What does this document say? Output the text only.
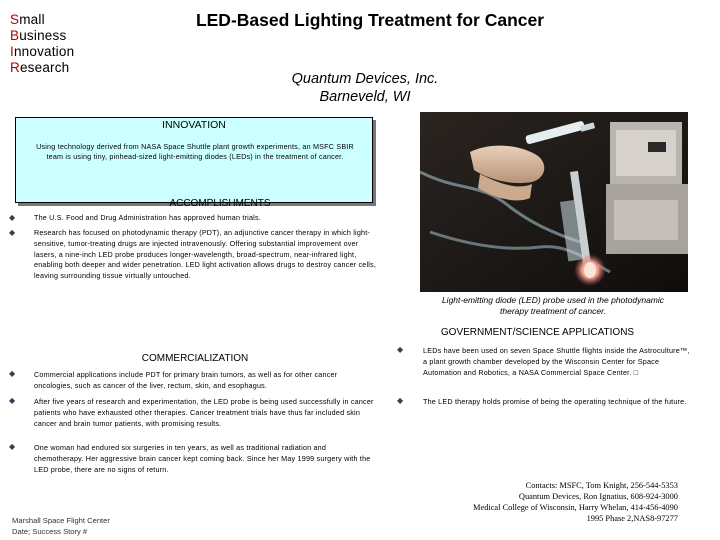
Small
Business
Innovation
Research
LED-Based Lighting Treatment for Cancer
Quantum Devices, Inc.
Barneveld, WI
INNOVATION
Using technology derived from NASA Space Shuttle plant growth experiments, an MSFC SBIR team is using tiny, pinhead-sized light-emitting diodes (LEDs) in the treatment of cancer.
Light-emitting diode (LED) probe used in the photodynamic therapy treatment of cancer.
ACCOMPLISHMENTS
◆	The U.S. Food and Drug Administration has approved human trials.
◆	Research has focused on photodynamic therapy (PDT), an adjunctive cancer therapy in which light-sensitive, tumor-treating drugs are injected intravenously. Offering substantial improvement over lasers, a nine-inch LED probe produces longer-wavelength, broad-spectrum, near-infrared light, enabling both deeper and wider penetration. LED light activation allows drugs to destroy cancer cells, leaving surrounding tissue virtually untouched.
GOVERNMENT/SCIENCE APPLICATIONS
◆	LEDs have been used on seven Space Shuttle flights inside the Astroculture™, a plant growth chamber developed by the Wisconsin Center for Space Automation and Robotics, a NASA Commercial Space Center. □
◆	The LED therapy holds promise of being the operating technique of the future.
COMMERCIALIZATION
◆	Commercial applications include PDT for primary brain tumors, as well as for other cancer oncologies, such as cancer of the liver, rectum, skin, and esophagus.
◆	After five years of research and experimentation, the LED probe is being used successfully in cancer patients who have exhausted other therapies. Cancer treatment trials have thus far included skin cancer and brain tumor patients, with promising results.
◆	One woman had endured six surgeries in ten years, as well as traditional radiation and chemotherapy. Her aggressive brain cancer kept coming back. Since her May 1999 surgery with the LED probe, there are no signs of return.
Marshall Space Flight Center
Date; Success Story #
Contacts: MSFC, Tom Knight, 256-544-5353
Quantum Devices, Ron Ignatius, 608-924-3000
Medical College of Wisconsin, Harry Whelan, 414-456-4090
1995 Phase 2,NAS8-97277
